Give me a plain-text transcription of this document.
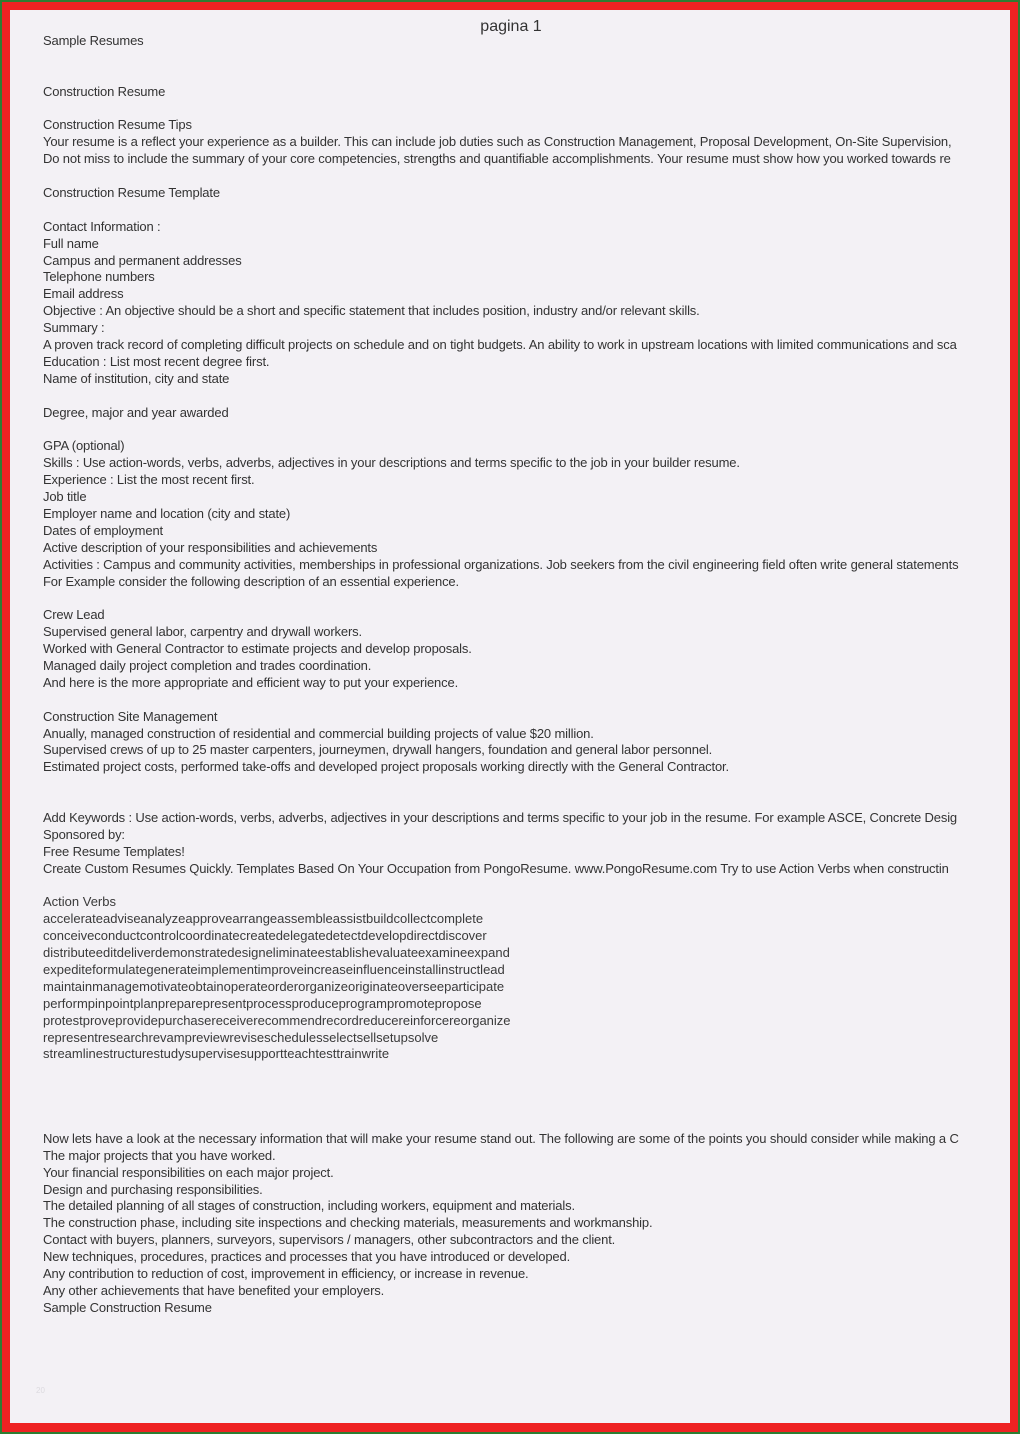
pagina 1
Sample Resumes
Construction Resume
Construction Resume Tips
Your resume is a reflect your experience as a builder. This can include job duties such as Construction Management, Proposal Development, On-Site Supervision,
Do not miss to include the summary of your core competencies, strengths and quantifiable accomplishments. Your resume must show how you worked towards re
Construction Resume Template
Contact Information :
Full name
Campus and permanent addresses
Telephone numbers
Email address
Objective : An objective should be a short and specific statement that includes position, industry and/or relevant skills.
Summary :
A proven track record of completing difficult projects on schedule and on tight budgets. An ability to work in upstream locations with limited communications and sca
Education : List most recent degree first.
Name of institution, city and state
Degree, major and year awarded
GPA (optional)
Skills : Use action-words, verbs, adverbs, adjectives in your descriptions and terms specific to the job in your builder resume.
Experience : List the most recent first.
Job title
Employer name and location (city and state)
Dates of employment
Active description of your responsibilities and achievements
Activities : Campus and community activities, memberships in professional organizations. Job seekers from the civil engineering field often write general statements
For Example consider the following description of an essential experience.
Crew Lead
Supervised general labor, carpentry and drywall workers.
Worked with General Contractor to estimate projects and develop proposals.
Managed daily project completion and trades coordination.
And here is the more appropriate and efficient way to put your experience.
Construction Site Management
Anually, managed construction of residential and commercial building projects of value $20 million.
Supervised crews of up to 25 master carpenters, journeymen, drywall hangers, foundation and general labor personnel.
Estimated project costs, performed take-offs and developed project proposals working directly with the General Contractor.
Add Keywords : Use action-words, verbs, adverbs, adjectives in your descriptions and terms specific to your job in the resume. For example ASCE, Concrete Desig
Sponsored by:
Free Resume Templates!
Create Custom Resumes Quickly. Templates Based On Your Occupation from PongoResume. www.PongoResume.com Try to use Action Verbs when constructin
Action Verbs
accelerateadviseanalyzeapprovearrangeassembleassistbuildcollectcomplete
conceiveconductcontrolcoordinatecreatedelegatedetectdevelopdirectdiscover
distributeeditdeliverdemonstratedesigneliminateestablishevaluateexamineexpand
expediteformulategenerateimplementimproveincreaseinfluenceinstallinstructlead
maintainmanagemotivateobtainoperateorderorganizeoriginateoverseeparticipate
performpinpointplanpreparepresentprocessproduceprogrampromotepropose
protestproveprovidepurchasereceiverecommendrecordreducereinforcereorganize
representresearchrevampreviewreviseschedulesselectsellsetupsolve
streamlinestructurestudysupervisesupportteachtesttrainwrite
Now lets have a look at the necessary information that will make your resume stand out. The following are some of the points you should consider while making a C
The major projects that you have worked.
Your financial responsibilities on each major project.
Design and purchasing responsibilities.
The detailed planning of all stages of construction, including workers, equipment and materials.
The construction phase, including site inspections and checking materials, measurements and workmanship.
Contact with buyers, planners, surveyors, supervisors / managers, other subcontractors and the client.
New techniques, procedures, practices and processes that you have introduced or developed.
Any contribution to reduction of cost, improvement in efficiency, or increase in revenue.
Any other achievements that have benefited your employers.
Sample Construction Resume
20
